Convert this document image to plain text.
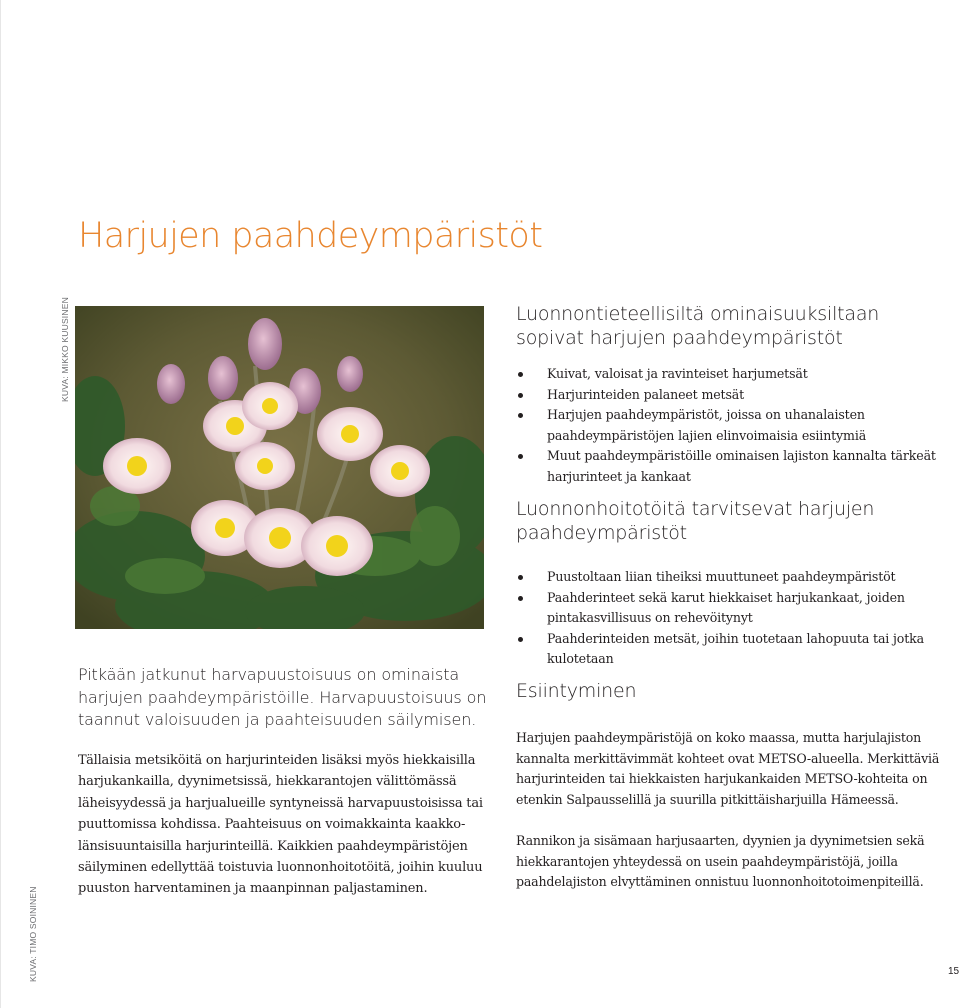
Harjujen paahdeympäristöt
KUVA: MIKKO KUUSINEN
KUVA: TIMO SOININEN

Pitkään jatkunut harvapuustoisuus on ominaista harjujen paahdeympäristöille. Harvapuustoisuus on taannut valoisuuden ja paahteisuuden säilymisen.

Tällaisia metsiköitä on harjurinteiden lisäksi myös hiekkaisilla harjukankailla, dyynimetsissä, hiekkarantojen välittömässä läheisyydessä ja harjualueille syntyneissä harvapuustoisissa tai puuttomissa kohdissa. Paahteisuus on voimakkainta kaakko-länsisuuntaisilla harjurinteillä. Kaikkien paahdeympäristöjen säilyminen edellyttää toistuvia luonnonhoitotöitä, joihin kuuluu puuston harventaminen ja maanpinnan paljastaminen.

Luonnontieteellisiltä ominaisuuksiltaan sopivat harjujen paahdeympäristöt
Kuivat, valoisat ja ravinteiset harjumetsät
Harjurinteiden palaneet metsät
Harjujen paahdeympäristöt, joissa on uhanalaisten paahdeympäristöjen lajien elinvoimaisia esiintymiä
Muut paahdeympäristöille ominaisen lajiston kannalta tärkeät harjurinteet ja kankaat
Luonnonhoitotöitä tarvitsevat harjujen paahdeympäristöt
Puustoltaan liian tiheiksi muuttuneet paahdeympäristöt
Paahderinteet sekä karut hiekkaiset harjukankaat, joiden pintakasvillisuus on rehevöitynyt
Paahderinteiden metsät, joihin tuotetaan lahopuuta tai jotka kulotetaan
Esiintyminen

Harjujen paahdeympäristöjä on koko maassa, mutta harjulajiston kannalta merkittävimmät kohteet ovat METSO-alueella. Merkittäviä harjurinteiden tai hiekkaisten harjukankaiden METSO-kohteita on etenkin Salpausselillä ja suurilla pitkittäisharjuilla Hämeessä.

Rannikon ja sisämaan harjusaarten, dyynien ja dyynimetsien sekä hiekkarantojen yhteydessä on usein paahdeympäristöjä, joilla paahdelajiston elvyttäminen onnistuu luonnonhoitotoimenpiteillä.

15
